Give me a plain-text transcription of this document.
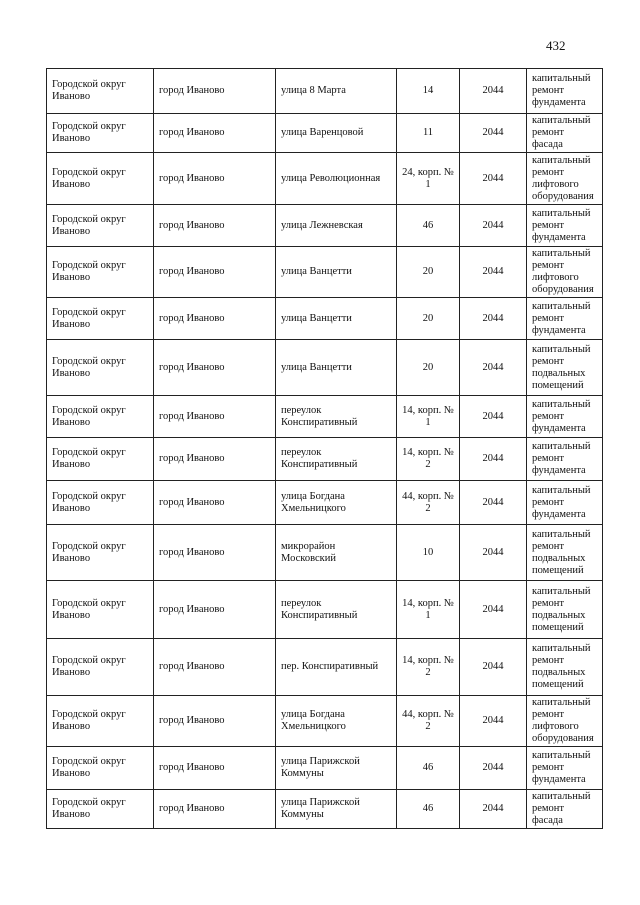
432
Городской округ Иваново	город Иваново	улица 8 Марта	14	2044	капитальный ремонт фундамента
Городской округ Иваново	город Иваново	улица Варенцовой	11	2044	капитальный ремонт фасада
Городской округ Иваново	город Иваново	улица Революционная	24, корп. № 1	2044	капитальный ремонт лифтового оборудования
Городской округ Иваново	город Иваново	улица Лежневская	46	2044	капитальный ремонт фундамента
Городской округ Иваново	город Иваново	улица Ванцетти	20	2044	капитальный ремонт лифтового оборудования
Городской округ Иваново	город Иваново	улица Ванцетти	20	2044	капитальный ремонт фундамента
Городской округ Иваново	город Иваново	улица Ванцетти	20	2044	капитальный ремонт подвальных помещений
Городской округ Иваново	город Иваново	переулок Конспиративный	14, корп. № 1	2044	капитальный ремонт фундамента
Городской округ Иваново	город Иваново	переулок Конспиративный	14, корп. № 2	2044	капитальный ремонт фундамента
Городской округ Иваново	город Иваново	улица Богдана Хмельницкого	44, корп. № 2	2044	капитальный ремонт фундамента
Городской округ Иваново	город Иваново	микрорайон Московский	10	2044	капитальный ремонт подвальных помещений
Городской округ Иваново	город Иваново	переулок Конспиративный	14, корп. № 1	2044	капитальный ремонт подвальных помещений
Городской округ Иваново	город Иваново	пер. Конспиративный	14, корп. № 2	2044	капитальный ремонт подвальных помещений
Городской округ Иваново	город Иваново	улица Богдана Хмельницкого	44, корп. № 2	2044	капитальный ремонт лифтового оборудования
Городской округ Иваново	город Иваново	улица Парижской Коммуны	46	2044	капитальный ремонт фундамента
Городской округ Иваново	город Иваново	улица Парижской Коммуны	46	2044	капитальный ремонт фасада
